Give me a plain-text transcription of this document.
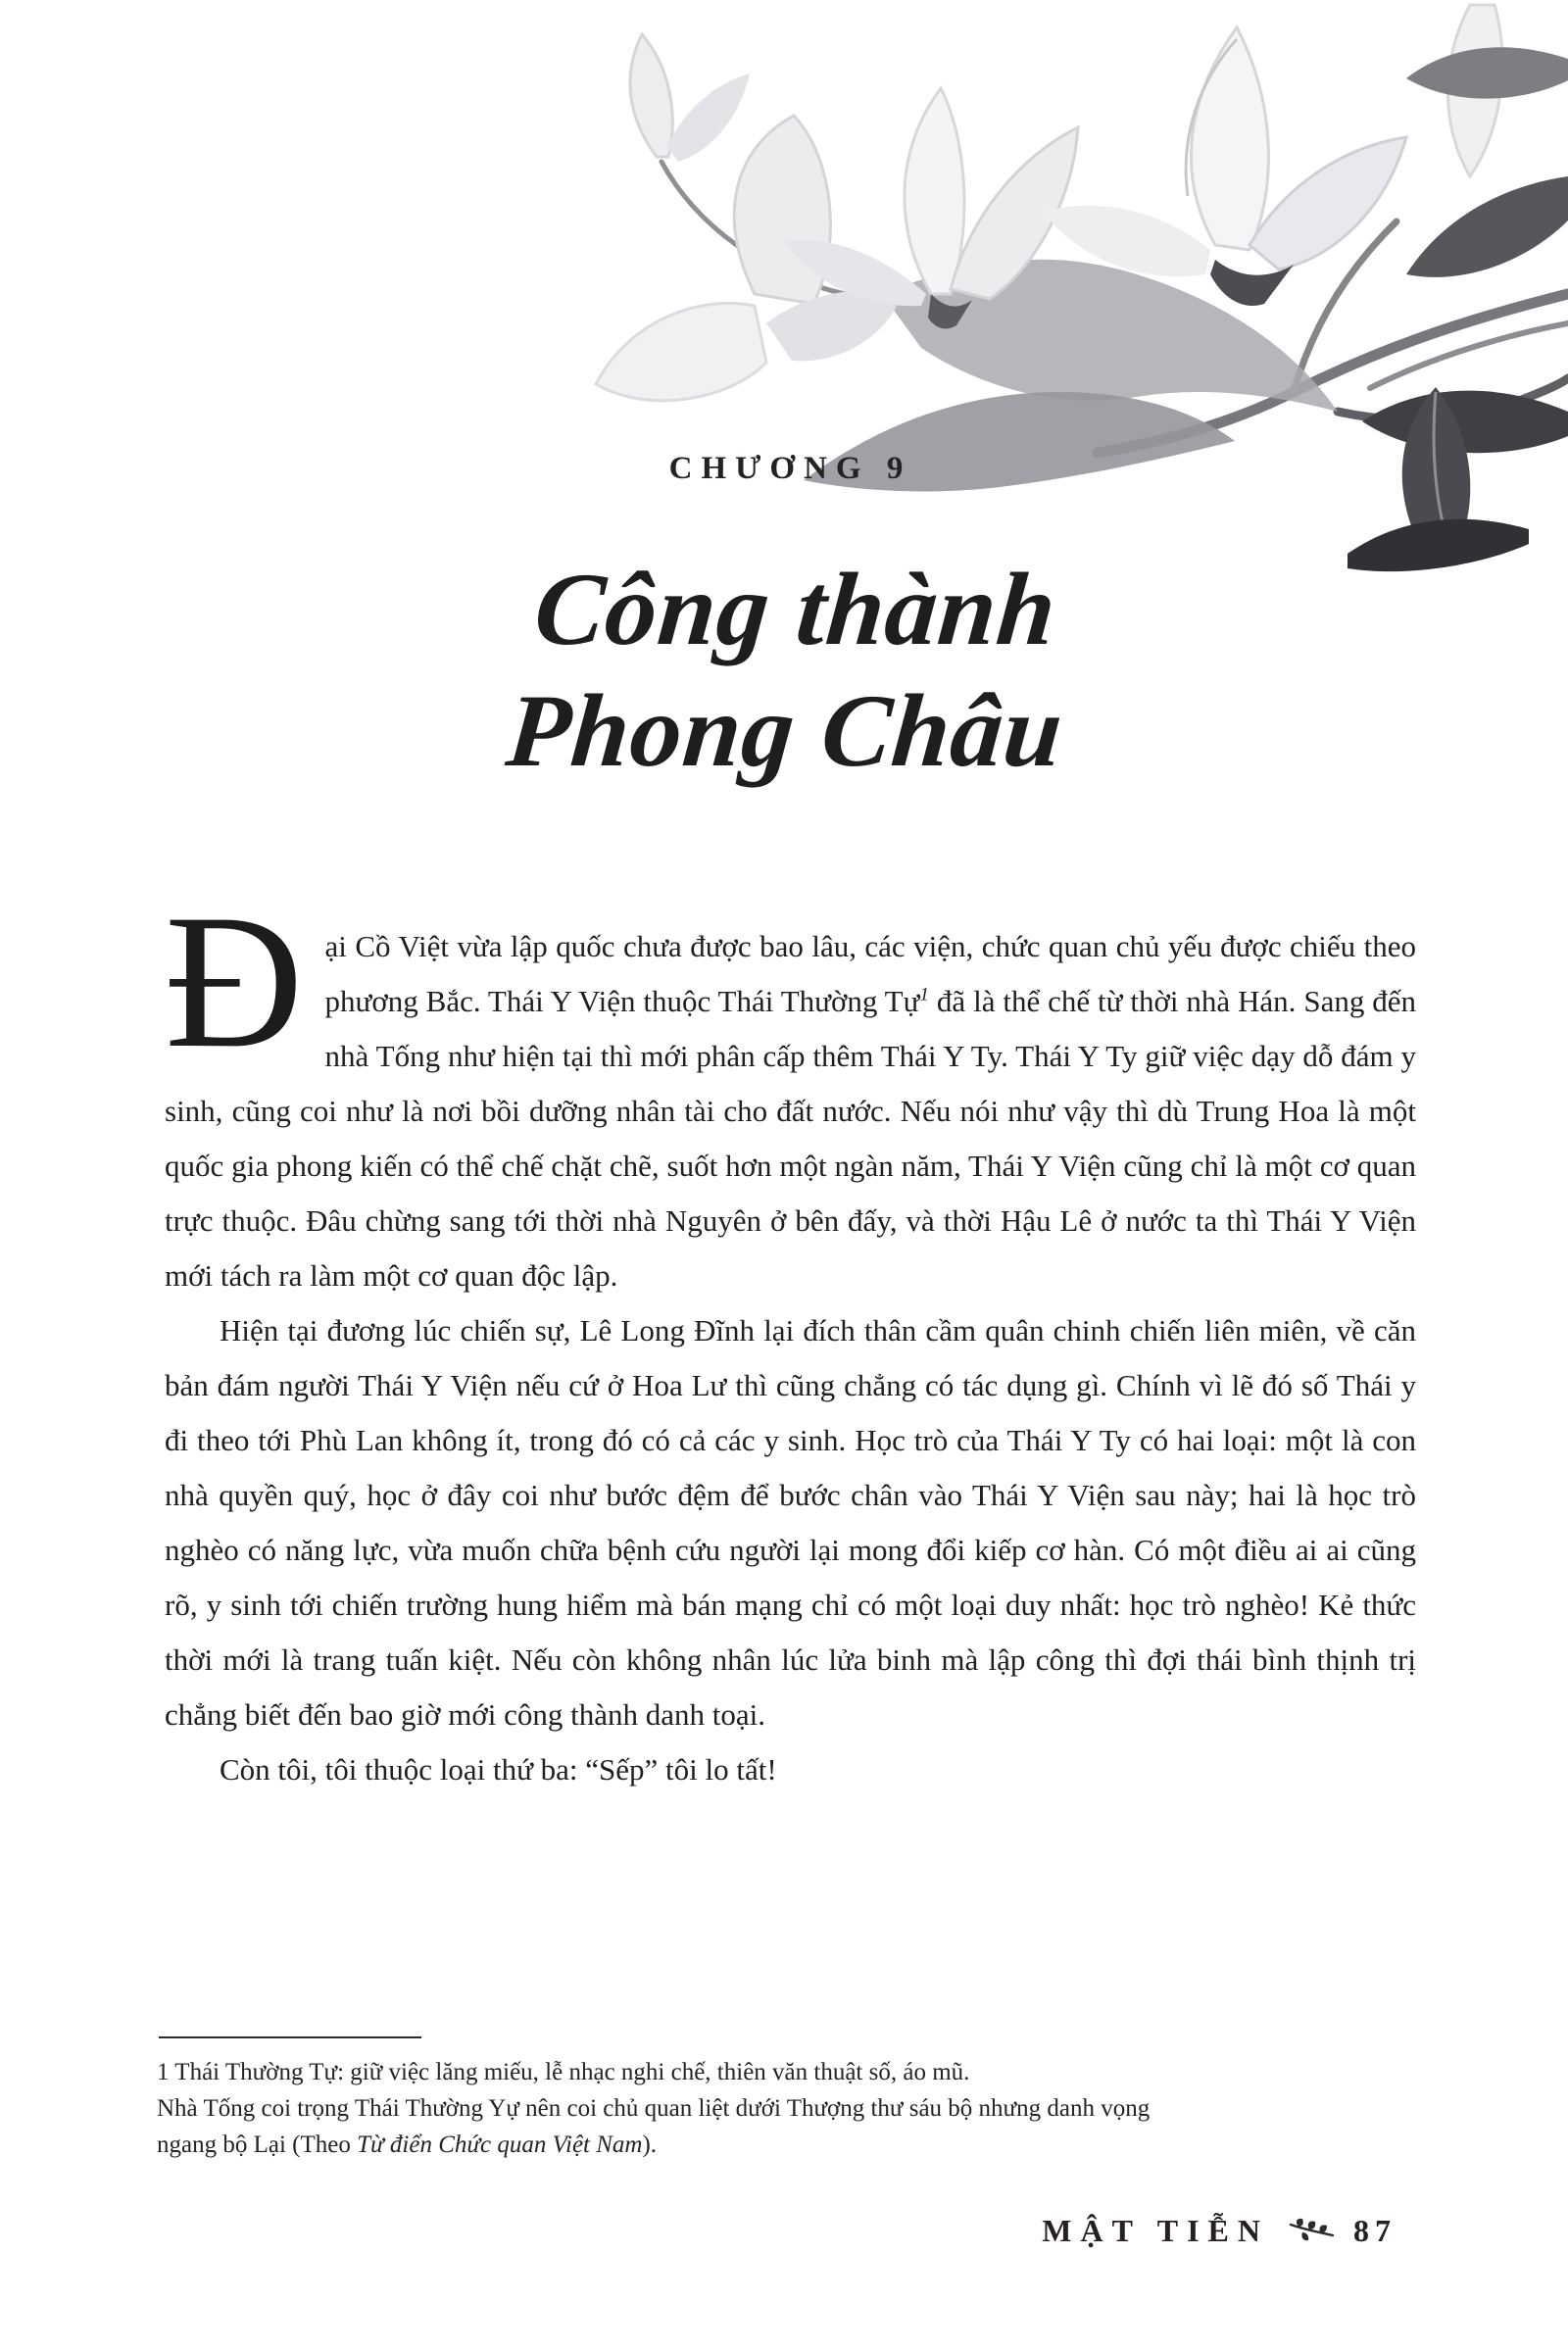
CHƯƠNG 9
Công thành
Phong Châu

Đại Cồ Việt vừa lập quốc chưa được bao lâu, các viện, chức quan chủ yếu được chiếu theo phương Bắc. Thái Y Viện thuộc Thái Thường Tự$^1$ đã là thể chế từ thời nhà Hán. Sang đến nhà Tống như hiện tại thì mới phân cấp thêm Thái Y Ty. Thái Y Ty giữ việc dạy dỗ đám y sinh, cũng coi như là nơi bồi dưỡng nhân tài cho đất nước. Nếu nói như vậy thì dù Trung Hoa là một quốc gia phong kiến có thể chế chặt chẽ, suốt hơn một ngàn năm, Thái Y Viện cũng chỉ là một cơ quan trực thuộc. Đâu chừng sang tới thời nhà Nguyên ở bên đấy, và thời Hậu Lê ở nước ta thì Thái Y Viện mới tách ra làm một cơ quan độc lập.

Hiện tại đương lúc chiến sự, Lê Long Đĩnh lại đích thân cầm quân chinh chiến liên miên, về căn bản đám người Thái Y Viện nếu cứ ở Hoa Lư thì cũng chẳng có tác dụng gì. Chính vì lẽ đó số Thái y đi theo tới Phù Lan không ít, trong đó có cả các y sinh. Học trò của Thái Y Ty có hai loại: một là con nhà quyền quý, học ở đây coi như bước đệm để bước chân vào Thái Y Viện sau này; hai là học trò nghèo có năng lực, vừa muốn chữa bệnh cứu người lại mong đổi kiếp cơ hàn. Có một điều ai ai cũng rõ, y sinh tới chiến trường hung hiểm mà bán mạng chỉ có một loại duy nhất: học trò nghèo! Kẻ thức thời mới là trang tuấn kiệt. Nếu còn không nhân lúc lửa binh mà lập công thì đợi thái bình thịnh trị chẳng biết đến bao giờ mới công thành danh toại.

Còn tôi, tôi thuộc loại thứ ba: “Sếp” tôi lo tất!

1 Thái Thường Tự: giữ việc lăng miếu, lễ nhạc nghi chế, thiên văn thuật số, áo mũ.

Nhà Tống coi trọng Thái Thường Yự nên coi chủ quan liệt dưới Thượng thư sáu bộ nhưng danh vọng

ngang bộ Lại (Theo Từ điển Chức quan Việt Nam).

MẬT TIỄN	87
